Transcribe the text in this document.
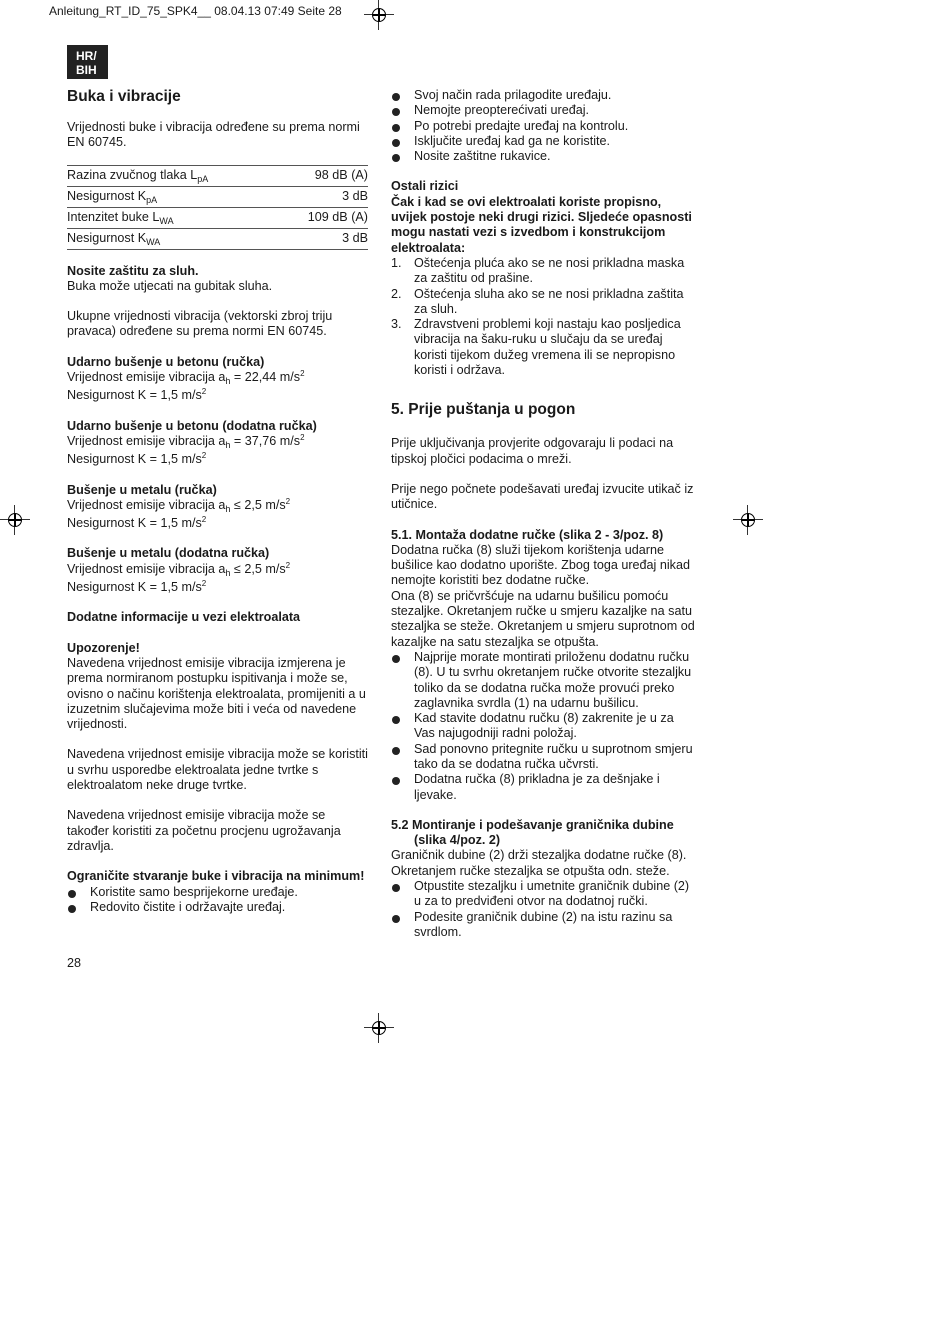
Anleitung_RT_ID_75_SPK4__ 08.04.13 07:49 Seite 28
HR/
BIH
Buka i vibracije

Vrijednosti buke i vibracija određene su prema normi EN 60745.

Razina zvučnog tlaka $L_{pA}$	98 dB (A)
Nesigurnost $K_{pA}$	3 dB
Intenzitet buke $L_{WA}$	109 dB (A)
Nesigurnost $K_{WA}$	3 dB

Nosite zaštitu za sluh.

Buka može utjecati na gubitak sluha.

Ukupne vrijednosti vibracija (vektorski zbroj triju pravaca) određene su prema normi EN 60745.

Udarno bušenje u betonu (ručka)

Vrijednost emisije vibracija $a_h = 22,44$ $m/s^2$

Nesigurnost K = 1,5 $m/s^2$

Udarno bušenje u betonu (dodatna ručka)

Vrijednost emisije vibracija $a_h = 37,76$ $m/s^2$

Nesigurnost K = 1,5 $m/s^2$

Bušenje u metalu (ručka)

Vrijednost emisije vibracija $a_h \le 2,5$ $m/s^2$

Nesigurnost K = 1,5 $m/s^2$

Bušenje u metalu (dodatna ručka)

Vrijednost emisije vibracija $a_h \le 2,5$ $m/s^2$

Nesigurnost K = 1,5 $m/s^2$

Dodatne informacije u vezi elektroalata

Upozorenje!

Navedena vrijednost emisije vibracija izmjerena je prema normiranom postupku ispitivanja i može se, ovisno o načinu korištenja elektroalata, promijeniti a u izuzetnim slučajevima može biti i veća od navedene vrijednosti.

Navedena vrijednost emisije vibracija može se koristiti u svrhu usporedbe elektroalata jedne tvrtke s elektroalatom neke druge tvrtke.

Navedena vrijednost emisije vibracija može se također koristiti za početnu procjenu ugrožavanja zdravlja.

Ograničite stvaranje buke i vibracija na minimum!

Koristite samo besprijekorne uređaje.
Redovito čistite i održavajte uređaj.
Svoj način rada prilagodite uređaju.
Nemojte preopterećivati uređaj.
Po potrebi predajte uređaj na kontrolu.
Isključite uređaj kad ga ne koristite.
Nosite zaštitne rukavice.

Ostali rizici

Čak i kad se ovi elektroalati koriste propisno, uvijek postoje neki drugi rizici. Sljedeće opasnosti mogu nastati vezi s izvedbom i konstrukcijom elektroalata:

1. Oštećenja pluća ako se ne nosi prikladna maska za zaštitu od prašine.
2. Oštećenja sluha ako se ne nosi prikladna zaštita za sluh.
3. Zdravstveni problemi koji nastaju kao posljedica vibracija na šaku-ruku u slučaju da se uređaj koristi tijekom dužeg vremena ili se nepropisno koristi i održava.
5. Prije puštanja u pogon

Prije uključivanja provjerite odgovaraju li podaci na tipskoj pločici podacima o mreži.

Prije nego počnete podešavati uređaj izvucite utikač iz utičnice.

5.1. Montaža dodatne ručke (slika 2 - 3/poz. 8)

Dodatna ručka (8) služi tijekom korištenja udarne bušilice kao dodatno uporište. Zbog toga uređaj nikad nemojte koristiti bez dodatne ručke.

Ona (8) se pričvršćuje na udarnu bušilicu pomoću stezaljke. Okretanjem ručke u smjeru kazaljke na satu stezaljka se steže. Okretanjem u smjeru suprotnom od kazaljke na satu stezaljka se otpušta.

Najprije morate montirati priloženu dodatnu ručku (8). U tu svrhu okretanjem ručke otvorite stezaljku toliko da se dodatna ručka može provući preko zaglavnika svrdla (1) na udarnu bušilicu.
Kad stavite dodatnu ručku (8) zakrenite je u za Vas najugodniji radni položaj.
Sad ponovno pritegnite ručku u suprotnom smjeru tako da se dodatna ručka učvrsti.
Dodatna ručka (8) prikladna je za dešnjake i ljevake.

5.2 Montiranje i podešavanje graničnika dubine

(slika 4/poz. 2)

Graničnik dubine (2) drži stezaljka dodatne ručke (8). Okretanjem ručke stezaljka se otpušta odn. steže.

Otpustite stezaljku i umetnite graničnik dubine (2) u za to predviđeni otvor na dodatnoj ručki.
Podesite graničnik dubine (2) na istu razinu sa svrdlom.
28
